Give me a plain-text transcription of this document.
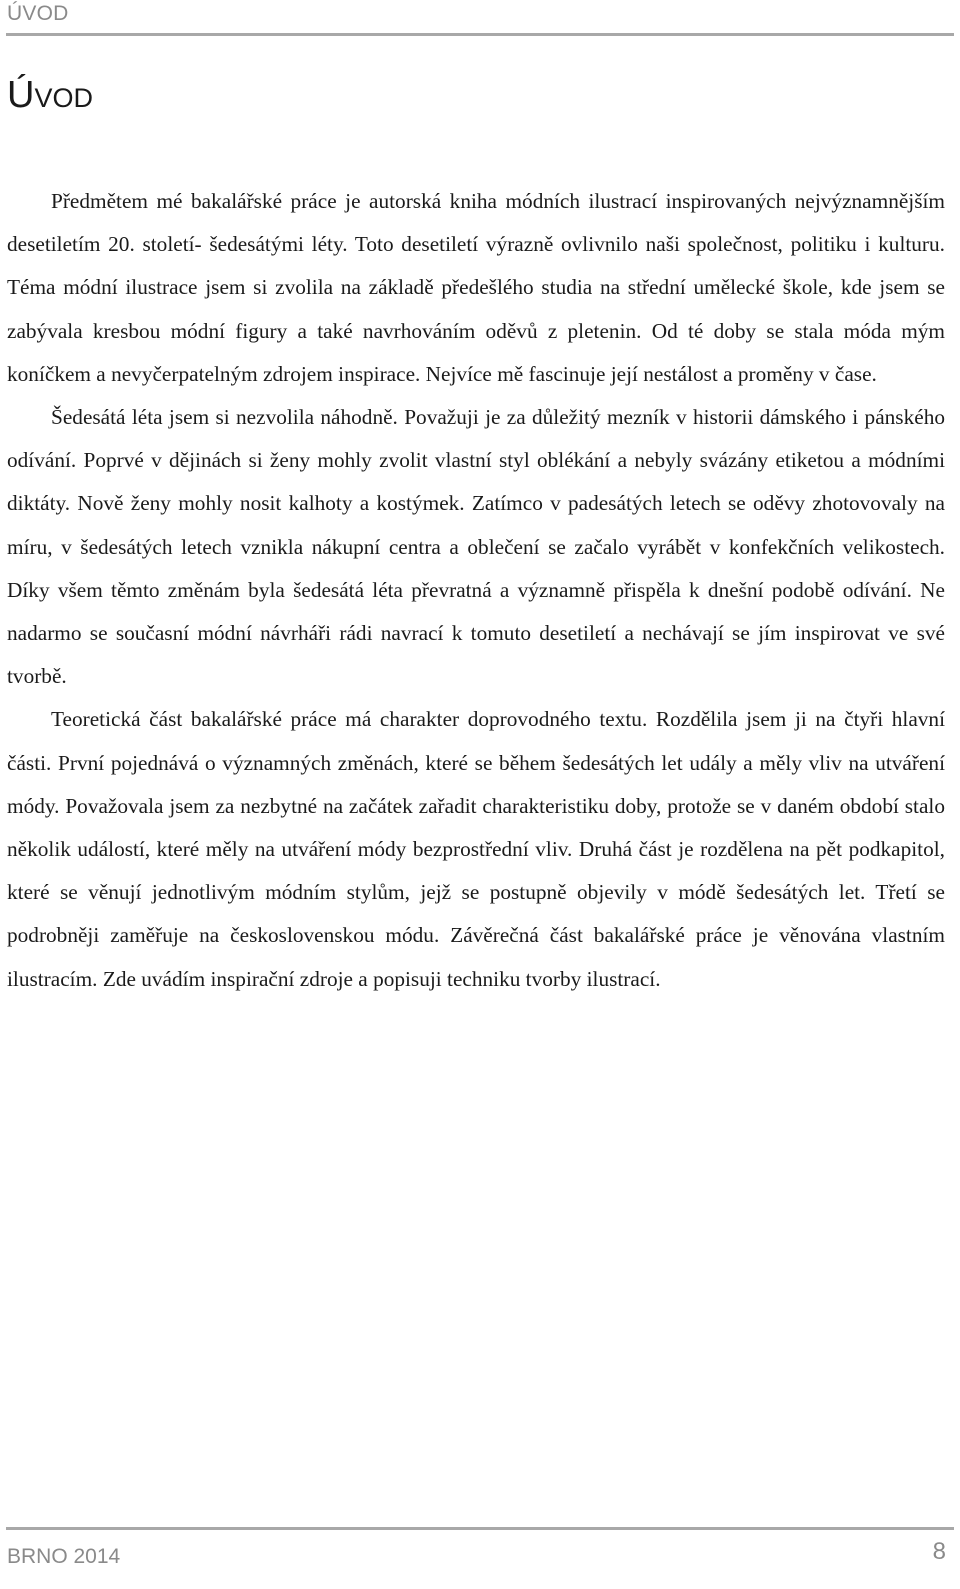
ÚVOD
Úvod

Předmětem mé bakalářské práce je autorská kniha módních ilustrací inspirovaných nejvýznamnějším desetiletím 20. století- šedesátými léty. Toto desetiletí výrazně ovlivnilo naši společnost, politiku i kulturu. Téma módní ilustrace jsem si zvolila na základě předešlého studia na střední umělecké škole, kde jsem se zabývala kresbou módní figury a také navrhováním oděvů z pletenin. Od té doby se stala móda mým koníčkem a nevyčerpatelným zdrojem inspirace. Nejvíce mě fascinuje její nestálost a proměny v čase.

Šedesátá léta jsem si nezvolila náhodně. Považuji je za důležitý mezník v historii dámského i pánského odívání. Poprvé v dějinách si ženy mohly zvolit vlastní styl oblékání a nebyly svázány etiketou a módními diktáty. Nově ženy mohly nosit kalhoty a kostýmek. Zatímco v padesátých letech se oděvy zhotovovaly na míru, v šedesátých letech vznikla nákupní centra a oblečení se začalo vyrábět v konfekčních velikostech. Díky všem těmto změnám byla šedesátá léta převratná a významně přispěla k dnešní podobě odívání. Ne nadarmo se současní módní návrháři rádi navrací k tomuto desetiletí a nechávají se jím inspirovat ve své tvorbě.

Teoretická část bakalářské práce má charakter doprovodného textu. Rozdělila jsem ji na čtyři hlavní části. První pojednává o významných změnách, které se během šedesátých let udály a měly vliv na utváření módy. Považovala jsem za nezbytné na začátek zařadit charakteristiku doby, protože se v daném období stalo několik událostí, které měly na utváření módy bezprostřední vliv. Druhá část je rozdělena na pět podkapitol, které se věnují jednotlivým módním stylům, jejž se postupně objevily v módě šedesátých let. Třetí se podrobněji zaměřuje na československou módu. Závěrečná část bakalářské práce je věnována vlastním ilustracím. Zde uvádím inspirační zdroje a popisuji techniku tvorby ilustrací.

BRNO 2014	8
